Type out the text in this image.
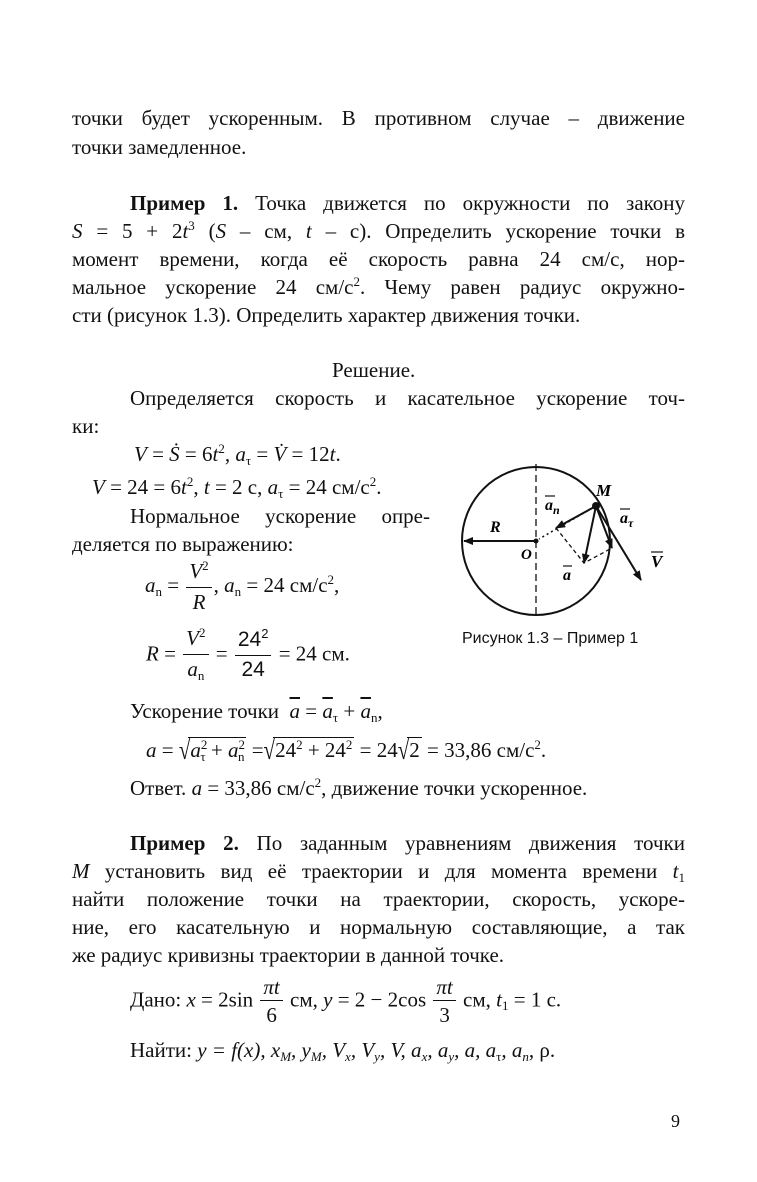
точки будет ускоренным. В противном случае – движение
точки замедленное.
Пример 1. Точка движется по окружности по закону
$S = 5 + 2t^3$ (S – см, t – с). Определить ускорение точки в
момент времени, когда её скорость равна 24 см/с, нор-
мальное ускорение 24 $см/с^2$. Чему равен радиус окружно-
сти (рисунок 1.3). Определить характер движения точки.
Решение.
Определяется скорость и касательное ускорение точ-
ки:
V = Ṡ = $6t^2$, $a_\tau$ = V̇ = 12t.
$V = 24 = 6t^2$, t = 2 с, $a_\tau = 24$ $см/с^2$.
Нормальное ускорение опре-
деляется по выражению:
$a_n = \frac{V^2}{R}$ , $a_n = 24$ $см/с^2$,
$R = \frac{V^2}{a_n} = \frac{24^2}{24} = 24$ см.
Ускорение точки $\overline{a} = \overline{a}_\tau + \overline{a}_n$,
$a = √a^2_\tau + a^2_n =√24^2 + 24^2 = 24√2 = 33,86$ $см/с^2$.
Ответ. a = 33,86 $см/с^2$, движение точки ускоренное.
M
$a_n$	$a_\tau$
R
O
a
V
Рисунок 1.3 – Пример 1
Пример 2. По заданным уравнениям движения точки
M установить вид её траектории и для момента времени $t_1$
найти положение точки на траектории, скорость, ускоре-
ние, его касательную и нормальную составляющие, а так
же радиус кривизны траектории в данной точке.
Дано: $x = 2\sin \frac{\pi t}{6}$ см, $y = 2 - 2\cos \frac{\pi t}{3}$ см, $t_1 = 1$ с.
Найти: y = f(x), $x_M$, $y_M$, $V_x$, $V_y$, V, $a_x$, $a_y$, a, $a_\tau$, $a_n$, ρ.
9
